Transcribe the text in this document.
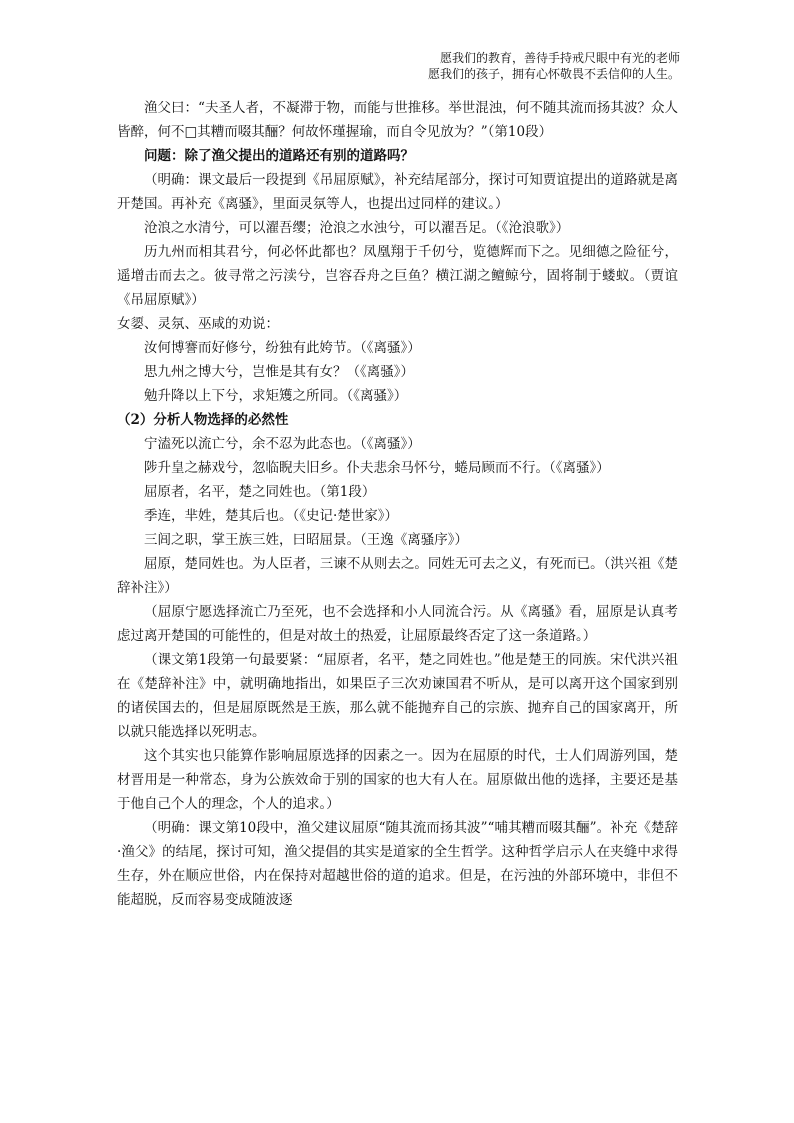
愿我们的教育，善待手持戒尺眼中有光的老师
愿我们的孩子，拥有心怀敬畏不丢信仰的人生。

渔父曰：“夫圣人者，不凝滞于物，而能与世推移。举世混浊，何不随其流而扬其波？众人皆醉，何不□其糟而啜其酾？何故怀瑾握瑜，而自令见放为？”（第10段）

问题：除了渔父提出的道路还有别的道路吗？

（明确：课文最后一段提到《吊屈原赋》，补充结尾部分，探讨可知贾谊提出的道路就是离开楚国。再补充《离骚》，里面灵氛等人，也提出过同样的建议。）

沧浪之水清兮，可以濯吾缨；沧浪之水浊兮，可以濯吾足。（《沧浪歌》）

历九州而相其君兮，何必怀此都也？凤凰翔于千仞兮，览德辉而下之。见细德之险征兮，遥增击而去之。彼寻常之污渎兮，岂容吞舟之巨鱼？横江湖之鳣鲸兮，固将制于蝼蚁。（贾谊《吊屈原赋》）

女媭、灵氛、巫咸的劝说：

汝何博謇而好修兮，纷独有此姱节。（《离骚》）

思九州之博大兮，岂惟是其有女？（《离骚》）

勉升降以上下兮，求矩矱之所同。（《离骚》）

（2）分析人物选择的必然性

宁溘死以流亡兮，余不忍为此态也。（《离骚》）

陟升皇之赫戏兮，忽临睨夫旧乡。仆夫悲余马怀兮，蜷局顾而不行。（《离骚》）

屈原者，名平，楚之同姓也。（第1段）

季连，芈姓，楚其后也。（《史记·楚世家》）

三闾之职，掌王族三姓，曰昭屈景。（王逸《离骚序》）

屈原，楚同姓也。为人臣者，三谏不从则去之。同姓无可去之义，有死而已。（洪兴祖《楚辞补注》）

（屈原宁愿选择流亡乃至死，也不会选择和小人同流合污。从《离骚》看，屈原是认真考虑过离开楚国的可能性的，但是对故土的热爱，让屈原最终否定了这一条道路。）

（课文第1段第一句最要紧：“屈原者，名平，楚之同姓也。”他是楚王的同族。宋代洪兴祖在《楚辞补注》中，就明确地指出，如果臣子三次劝谏国君不听从，是可以离开这个国家到别的诸侯国去的，但是屈原既然是王族，那么就不能抛弃自己的宗族、抛弃自己的国家离开，所以就只能选择以死明志。

这个其实也只能算作影响屈原选择的因素之一。因为在屈原的时代，士人们周游列国，楚材晋用是一种常态，身为公族效命于别的国家的也大有人在。屈原做出他的选择，主要还是基于他自己个人的理念，个人的追求。）

（明确：课文第10段中，渔父建议屈原“随其流而扬其波”“哺其糟而啜其酾”。补充《楚辞·渔父》的结尾，探讨可知，渔父提倡的其实是道家的全生哲学。这种哲学启示人在夹缝中求得生存，外在顺应世俗，内在保持对超越世俗的道的追求。但是，在污浊的外部环境中，非但不能超脱，反而容易变成随波逐
